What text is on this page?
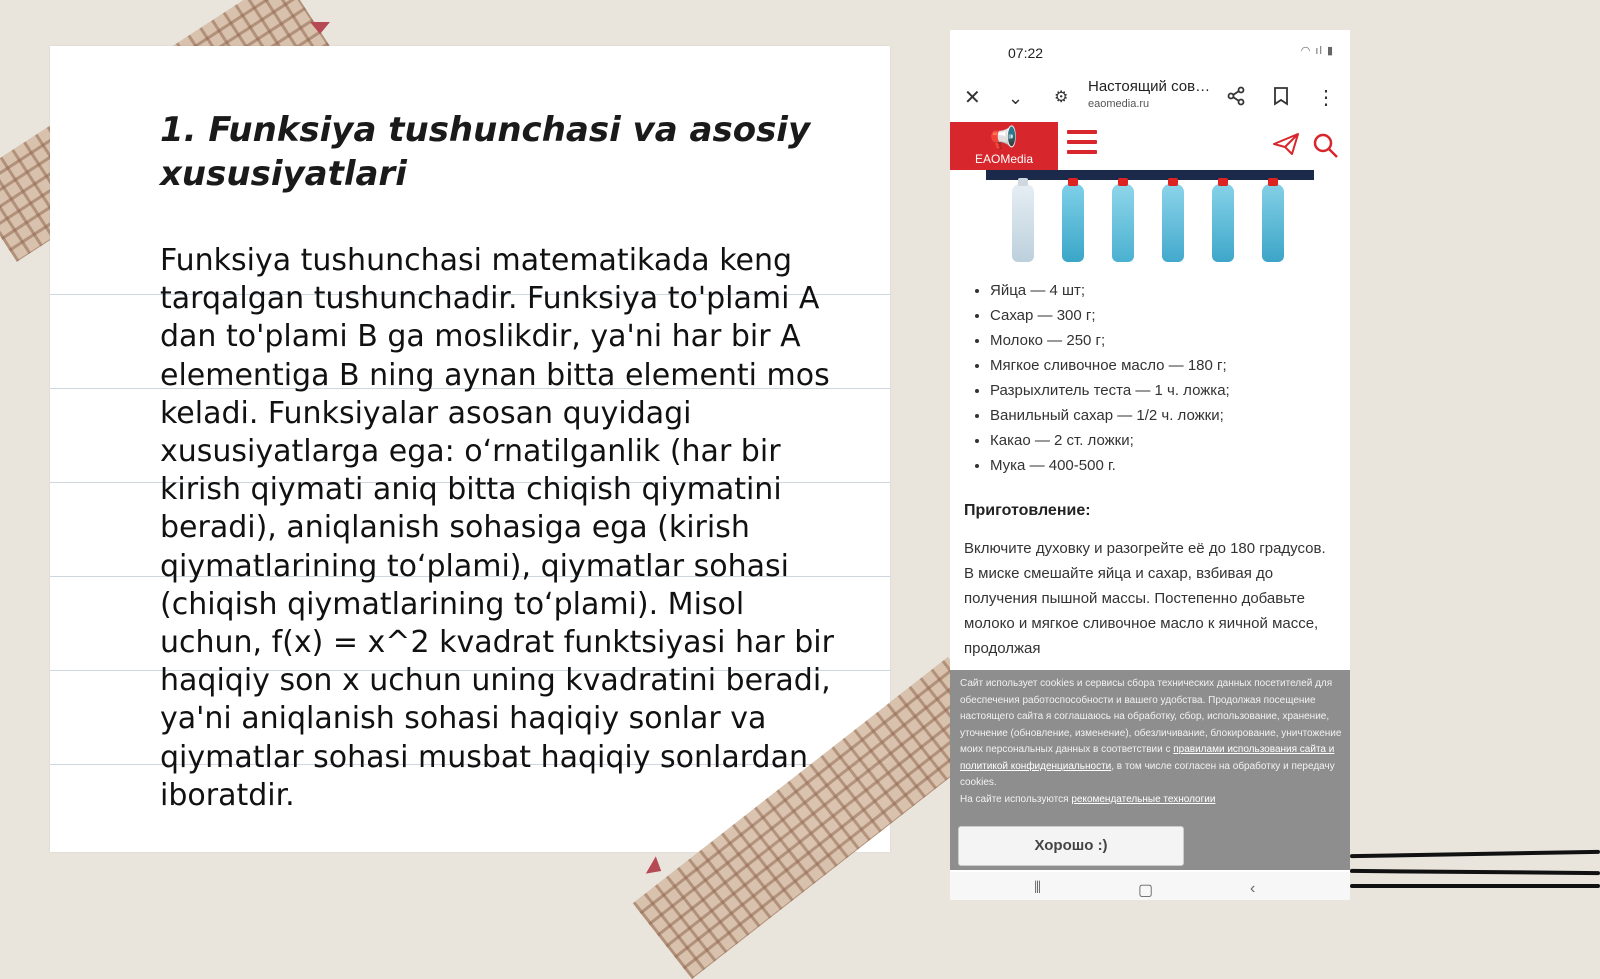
1. Funksiya tushunchasi va asosiy xususiyatlari

Funksiya tushunchasi matematikada keng tarqalgan tushunchadir. Funksiya to'plami A dan to'plami B ga moslikdir, ya'ni har bir A elementiga B ning aynan bitta elementi mos keladi. Funksiyalar asosan quyidagi xususiyatlarga ega: o‘rnatilganlik (har bir kirish qiymati aniq bitta chiqish qiymatini beradi), aniqlanish sohasiga ega (kirish qiymatlarining to‘plami), qiymatlar sohasi (chiqish qiymatlarining to‘plami). Misol uchun, f(x) = x^2 kvadrat funktsiyasi har bir haqiqiy son x uchun uning kvadratini beradi, ya'ni aniqlanish sohasi haqiqiy sonlar va qiymatlar sohasi musbat haqiqiy sonlardan iboratdir.

07:22	◠ ıl ▮
✕ ⌄ ⚙
Настоящий сов…
eaomedia.ru	⋮
📢
EAOMedia
• Яйца — 4 шт;
• Сахар — 300 г;
• Молоко — 250 г;
• Мягкое сливочное масло — 180 г;
• Разрыхлитель теста — 1 ч. ложка;
• Ванильный сахар — 1/2 ч. ложки;
• Какао — 2 ст. ложки;
• Мука — 400-500 г.
Приготовление:

Включите духовку и разогрейте её до 180 градусов. В миске смешайте яйца и сахар, взбивая до получения пышной массы. Постепенно добавьте молоко и мягкое сливочное масло к яичной массе, продолжая

Сайт использует cookies и сервисы сбора технических данных посетителей для обеспечения работоспособности и вашего удобства. Продолжая посещение настоящего сайта я соглашаюсь на обработку, сбор, использование, хранение, уточнение (обновление, изменение), обезличивание, блокирование, уничтожение моих персональных данных в соответствии с правилами использования сайта и политикой конфиденциальности, в том числе согласен на обработку и передачу cookies.
На сайте используются рекомендательные технологии

Хорошо :)
⦀	▢	‹
